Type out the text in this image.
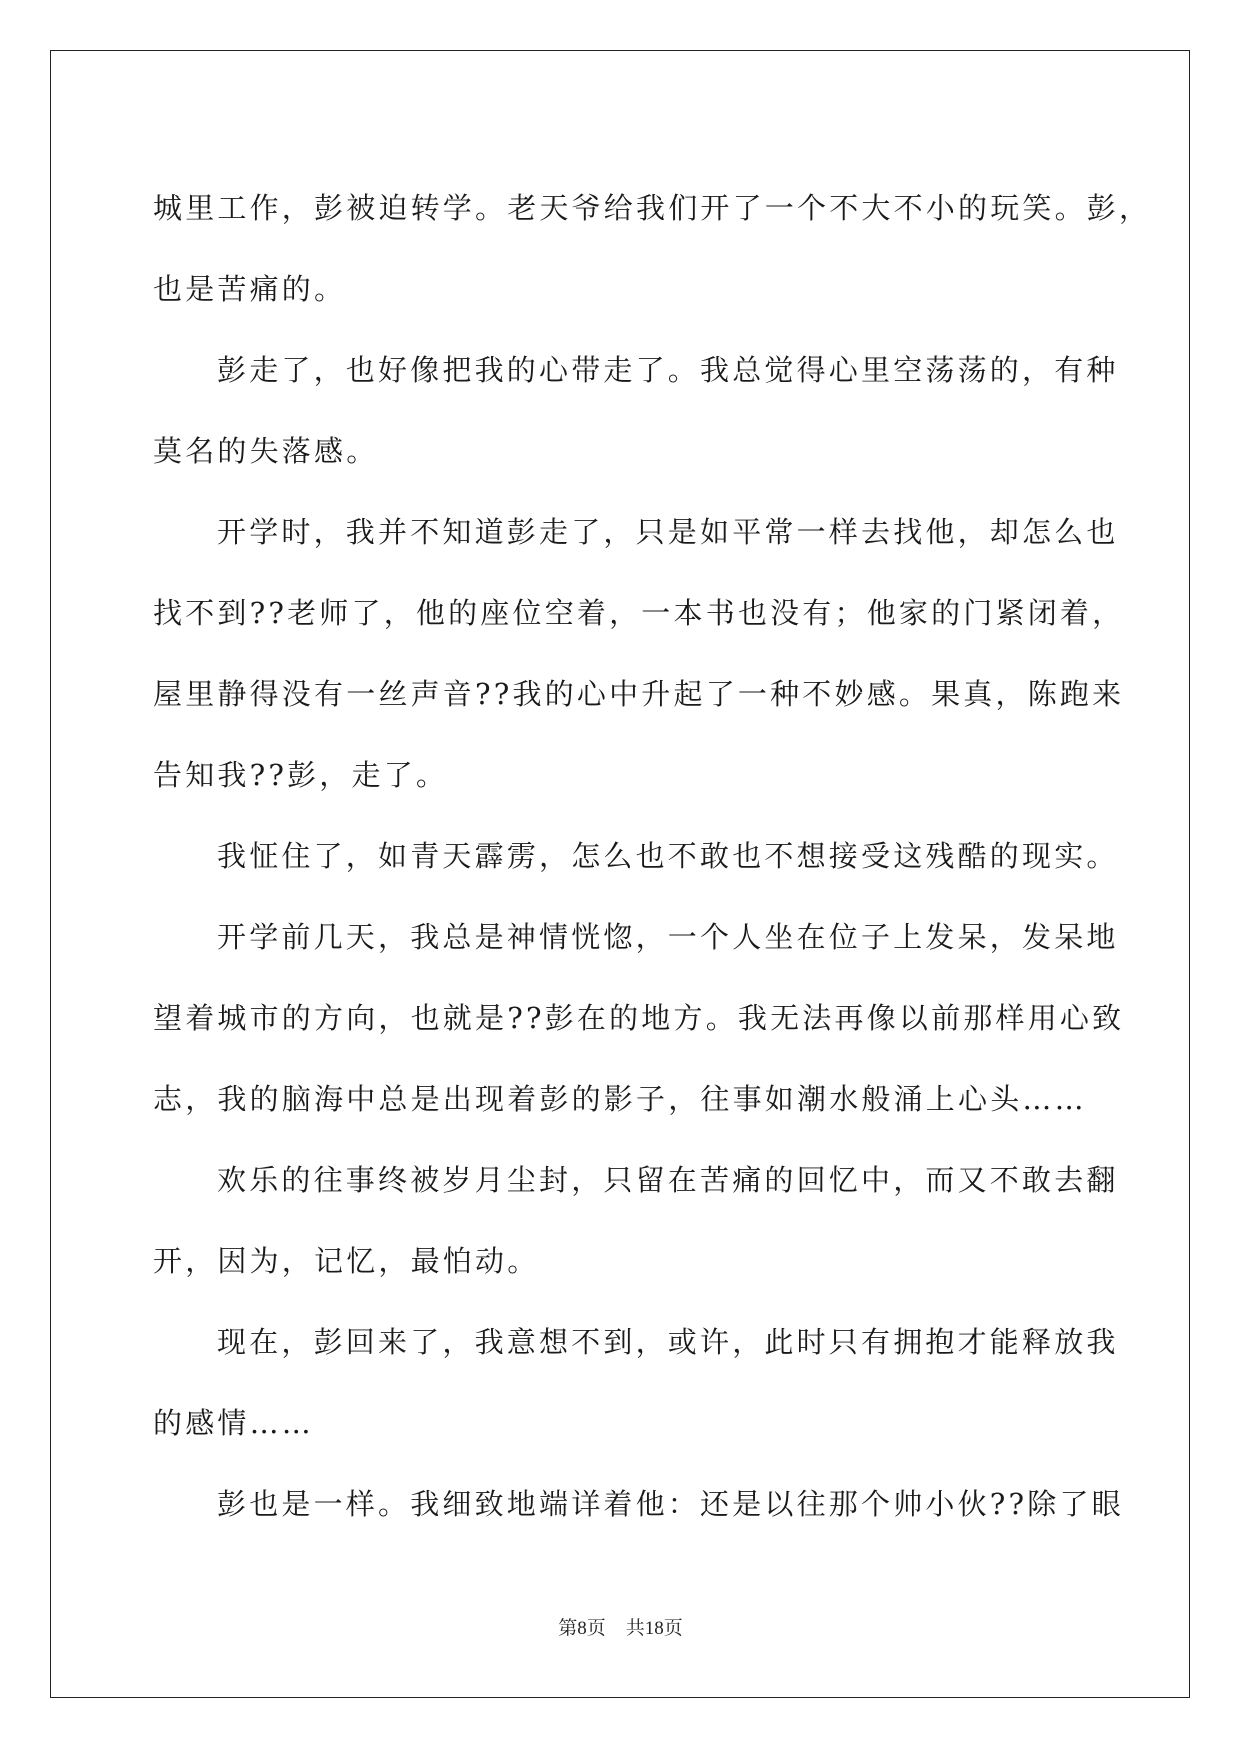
城里工作，彭被迫转学。老天爷给我们开了一个不大不小的玩笑。彭，
也是苦痛的。
彭走了，也好像把我的心带走了。我总觉得心里空荡荡的，有种
莫名的失落感。
开学时，我并不知道彭走了，只是如平常一样去找他，却怎么也
找不到??老师了，他的座位空着，一本书也没有；他家的门紧闭着，
屋里静得没有一丝声音??我的心中升起了一种不妙感。果真，陈跑来
告知我??彭，走了。
我怔住了，如青天霹雳，怎么也不敢也不想接受这残酷的现实。
开学前几天，我总是神情恍惚，一个人坐在位子上发呆，发呆地
望着城市的方向，也就是??彭在的地方。我无法再像以前那样用心致
志，我的脑海中总是出现着彭的影子，往事如潮水般涌上心头……
欢乐的往事终被岁月尘封，只留在苦痛的回忆中，而又不敢去翻
开，因为，记忆，最怕动。
现在，彭回来了，我意想不到，或许，此时只有拥抱才能释放我
的感情……
彭也是一样。我细致地端详着他：还是以往那个帅小伙??除了眼
第8页 共18页
